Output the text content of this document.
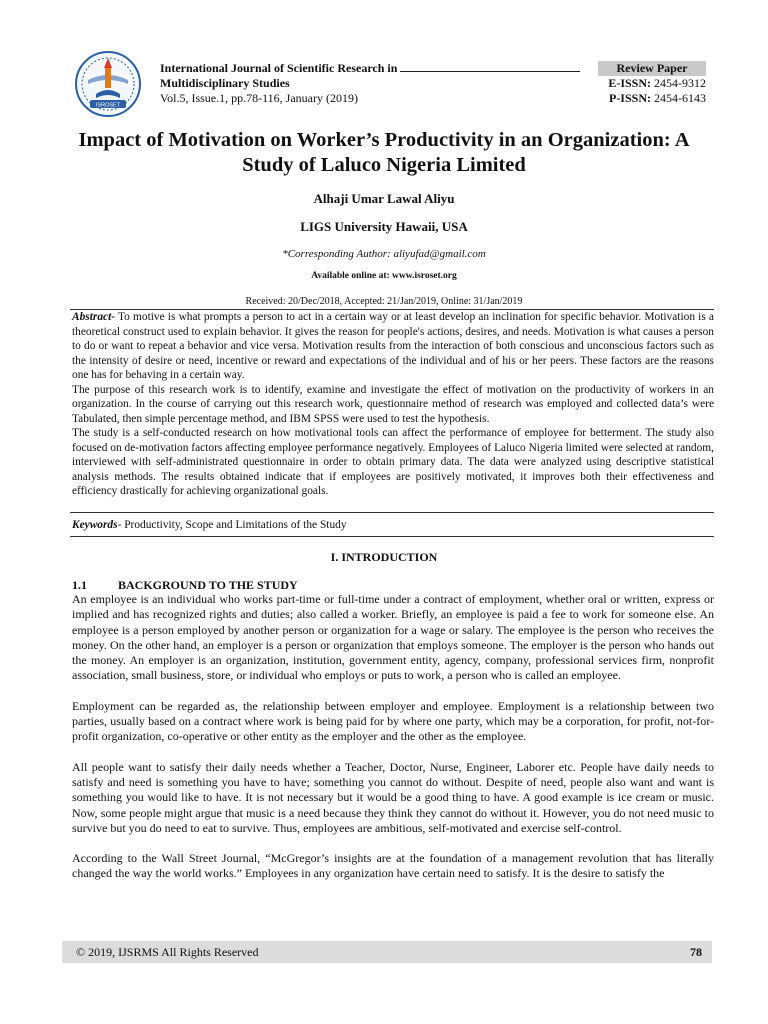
ISROSET
International Journal of Scientific Research in
Multidisciplinary Studies
Vol.5, Issue.1, pp.78-116, January (2019)
Review Paper
E-ISSN: 2454-9312
P-ISSN: 2454-6143
Impact of Motivation on Worker’s Productivity in an Organization: A Study of Laluco Nigeria Limited
Alhaji Umar Lawal Aliyu
LIGS University Hawaii, USA
*Corresponding Author: aliyufad@gmail.com
Available online at: www.isroset.org
Received: 20/Dec/2018, Accepted: 21/Jan/2019, Online: 31/Jan/2019

Abstract- To motive is what prompts a person to act in a certain way or at least develop an inclination for specific behavior. Motivation is a theoretical construct used to explain behavior. It gives the reason for people's actions, desires, and needs. Motivation is what causes a person to do or want to repeat a behavior and vice versa. Motivation results from the interaction of both conscious and unconscious factors such as the intensity of desire or need, incentive or reward and expectations of the individual and of his or her peers. These factors are the reasons one has for behaving in a certain way.

The purpose of this research work is to identify, examine and investigate the effect of motivation on the productivity of workers in an organization. In the course of carrying out this research work, questionnaire method of research was employed and collected data’s were Tabulated, then simple percentage method, and IBM SPSS were used to test the hypothesis.

The study is a self-conducted research on how motivational tools can affect the performance of employee for betterment. The study also focused on de-motivation factors affecting employee performance negatively. Employees of Laluco Nigeria limited were selected at random, interviewed with self-administrated questionnaire in order to obtain primary data. The data were analyzed using descriptive statistical analysis methods. The results obtained indicate that if employees are positively motivated, it improves both their effectiveness and efficiency drastically for achieving organizational goals.

Keywords- Productivity, Scope and Limitations of the Study
I. INTRODUCTION
1.1	BACKGROUND TO THE STUDY

An employee is an individual who works part-time or full-time under a contract of employment, whether oral or written, express or implied and has recognized rights and duties; also called a worker. Briefly, an employee is paid a fee to work for someone else. An employee is a person employed by another person or organization for a wage or salary. The employee is the person who receives the money. On the other hand, an employer is a person or organization that employs someone. The employer is the person who hands out the money. An employer is an organization, institution, government entity, agency, company, professional services firm, nonprofit association, small business, store, or individual who employs or puts to work, a person who is called an employee.

Employment can be regarded as, the relationship between employer and employee. Employment is a relationship between two parties, usually based on a contract where work is being paid for by where one party, which may be a corporation, for profit, not-for-profit organization, co-operative or other entity as the employer and the other as the employee.

All people want to satisfy their daily needs whether a Teacher, Doctor, Nurse, Engineer, Laborer etc. People have daily needs to satisfy and need is something you have to have; something you cannot do without. Despite of need, people also want and want is something you would like to have. It is not necessary but it would be a good thing to have. A good example is ice cream or music. Now, some people might argue that music is a need because they think they cannot do without it. However, you do not need music to survive but you do need to eat to survive. Thus, employees are ambitious, self-motivated and exercise self-control.

According to the Wall Street Journal, “McGregor’s insights are at the foundation of a management revolution that has literally changed the way the world works.” Employees in any organization have certain need to satisfy. It is the desire to satisfy the

© 2019, IJSRMS All Rights Reserved	78
